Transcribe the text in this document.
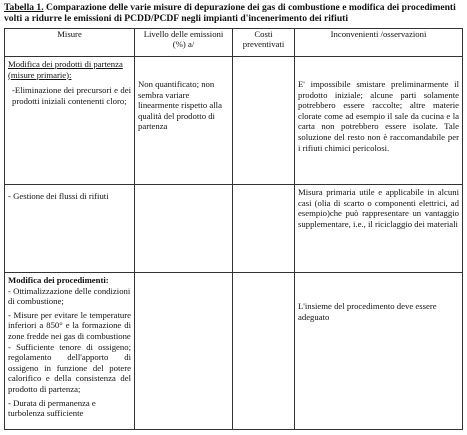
Tabella 1. Comparazione delle varie misure di depurazione dei gas di combustione e modifica dei procedimenti volti a ridurre le emissioni di PCDD/PCDF negli impianti d'incenerimento dei rifiuti
Misure	Livello delle emissioni (%) a/	Costi preventivati	Inconvenienti /osservazioni

Modifica dei prodotti di partenza (misure primarie):

-Eliminazione dei precursori e dei prodotti iniziali contenenti cloro;	Non quantificato; non sembra variare linearmente rispetto alla qualità del prodotto di partenza		E' impossibile smistare preliminarmente il prodotto iniziale; alcune parti solamente potrebbero essere raccolte; altre materie clorate come ad esempio il sale da cucina e la carta non potrebbero essere isolate. Tale soluzione del resto non è raccomandabile per i rifiuti chimici pericolosi.

- Gestione dei flussi di rifiuti			Misura primaria utile e applicabile in alcuni casi (olia di scarto o componenti elettrici, ad esempio)che può rappresentare un vantaggio supplementare, i.e., il riciclaggio dei materiali

Modifica dei procedimenti:

- Ottimalizzazione delle condizioni di combustione;

- Misure per evitare le temperature inferiori a 850° e la formazione di zone fredde nei gas di combustione

- Sufficiente tenore di ossigeno; regolamento dell'apporto di ossigeno in funzione del potere calorifico e della consistenza del prodotto di partenza;

- Durata di permanenza e turbolenza sufficiente			L'insieme del procedimento deve essere adeguato
